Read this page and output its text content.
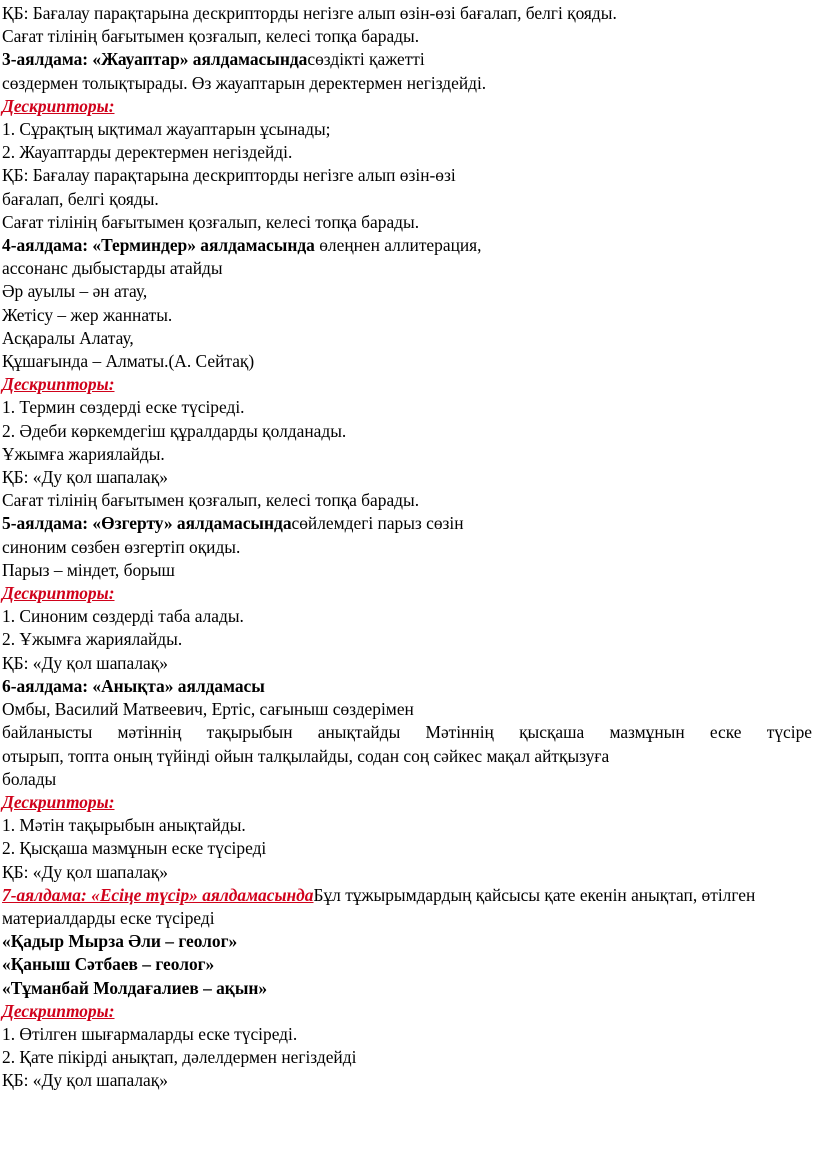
ҚБ: Бағалау парақтарына дескрипторды негізге алып өзін-өзі бағалап, белгі қояды.

Сағат тілінің бағытымен қозғалып, келесі топқа барады.

3-аялдама: «Жауаптар» аялдамасындасөздікті қажетті

сөздермен толықтырады. Өз жауаптарын деректермен негіздейді.

Дескрипторы:

1. Сұрақтың ықтимал жауаптарын ұсынады;

2. Жауаптарды деректермен негіздейді.

ҚБ: Бағалау парақтарына дескрипторды негізге алып өзін-өзі

бағалап, белгі қояды.

Сағат тілінің бағытымен қозғалып, келесі топқа барады.

4-аялдама: «Терминдер» аялдамасында өлеңнен аллитерация,

ассонанс дыбыстарды атайды

Әр ауылы – ән атау,

Жетісу – жер жаннаты.

Асқаралы Алатау,

Құшағында – Алматы.(А. Сейтақ)

Дескрипторы:

1. Термин сөздерді еске түсіреді.

2. Әдеби көркемдегіш құралдарды қолданады.

Ұжымға жариялайды.

ҚБ: «Ду қол шапалақ»

Сағат тілінің бағытымен қозғалып, келесі топқа барады.

5-аялдама: «Өзгерту» аялдамасындасөйлемдегі парыз сөзін

синоним сөзбен өзгертіп оқиды.

Парыз – міндет, борыш

Дескрипторы:

1. Синоним сөздерді таба алады.

2. Ұжымға жариялайды.

ҚБ: «Ду қол шапалақ»

6-аялдама: «Анықта» аялдамасы

Омбы, Василий Матвеевич, Ертіс, сағыныш сөздерімен

байланысты мәтіннің тақырыбын анықтайды Мәтіннің қысқаша мазмұнын еске түсіре

отырып, топта оның түйінді ойын талқылайды, содан соң сәйкес мақал айтқызуға

болады

Дескрипторы:

1. Мәтін тақырыбын анықтайды.

2. Қысқаша мазмұнын еске түсіреді

ҚБ: «Ду қол шапалақ»

7-аялдама: «Есіңе түсір» аялдамасындаБұл тұжырымдардың қайсысы қате екенін анықтап, өтілген

материалдарды еске түсіреді

«Қадыр Мырза Әли – геолог»

«Қаныш Сәтбаев – геолог»

«Тұманбай Молдағалиев – ақын»

Дескрипторы:

1. Өтілген шығармаларды еске түсіреді.

2. Қате пікірді анықтап, дәлелдермен негіздейді

ҚБ: «Ду қол шапалақ»
